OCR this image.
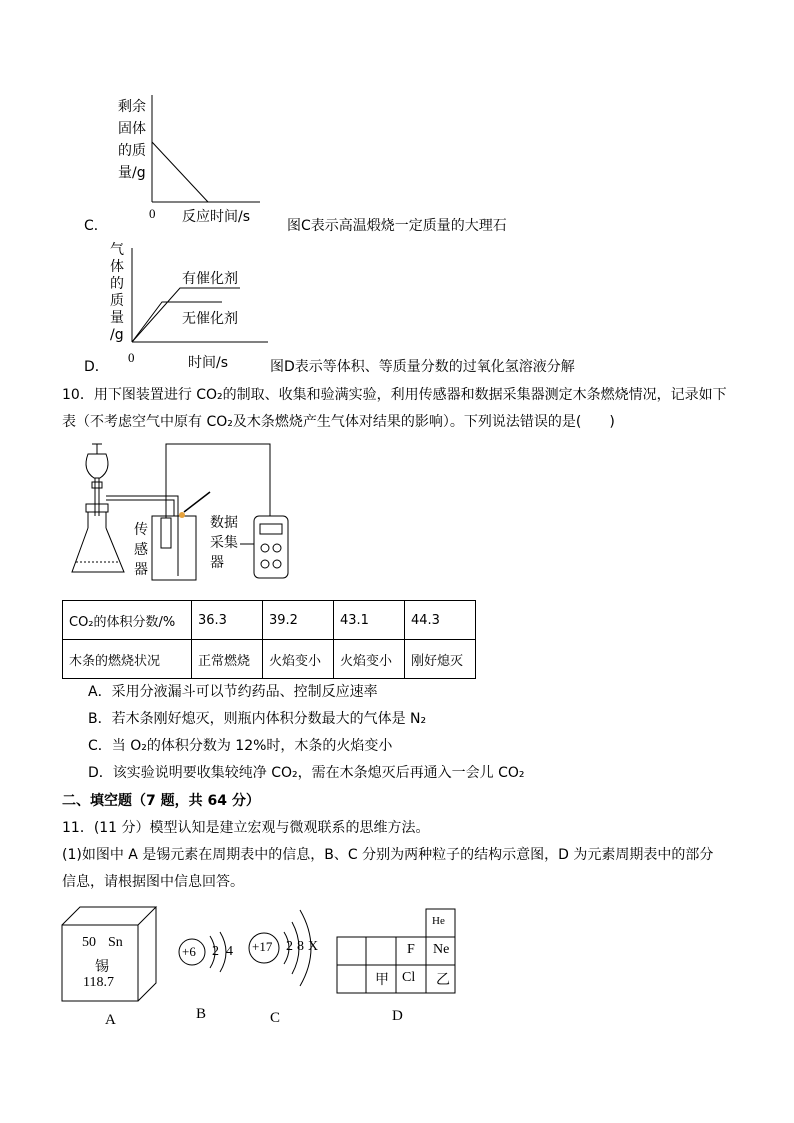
剩余
固体
的质
量/g
0 反应时间/s
C．	图C表示高温煅烧一定质量的大理石
气
体
的
质
量
/g
有催化剂
无催化剂
0	时间/s
D．	图D表示等体积、等质量分数的过氧化氢溶液分解
10．用下图装置进行 CO₂的制取、收集和验满实验，利用传感器和数据采集器测定木条燃烧情况，记录如下
表（不考虑空气中原有 CO₂及木条燃烧产生气体对结果的影响）。下列说法错误的是(　　)
传
感
器
数据
采集
器
CO₂的体积分数/%	36.3	39.2	43.1	44.3
木条的燃烧状况	正常燃烧	火焰变小	火焰变小	刚好熄灭
A．采用分液漏斗可以节约药品、控制反应速率
B．若木条刚好熄灭，则瓶内体积分数最大的气体是 N₂
C．当 O₂的体积分数为 12%时，木条的火焰变小
D．该实验说明要收集较纯净 CO₂，需在木条熄灭后再通入一会儿 CO₂
二、填空题（7 题，共 64 分）
11．(11 分）模型认知是建立宏观与微观联系的思维方法。
(1)如图中 A 是锡元素在周期表中的信息，B、C 分别为两种粒子的结构示意图，D 为元素周期表中的部分
信息，请根据图中信息回答。
50 Sn
锡
118.7
A
+6 2 4
B
+17 2 8 X
C
He
Ne
F
甲 Cl 乙
D
